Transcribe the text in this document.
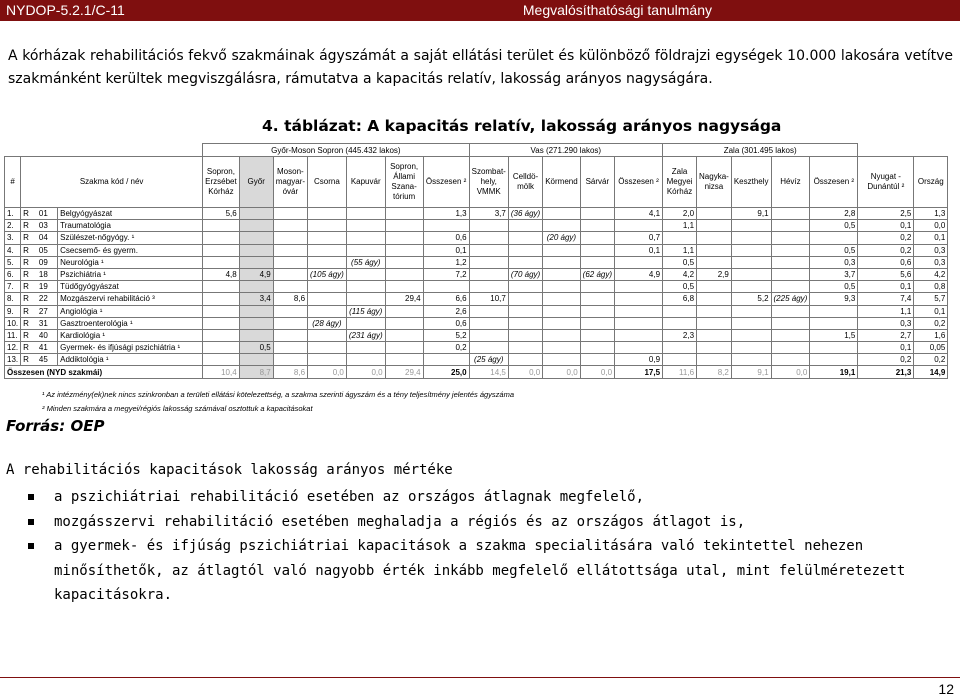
NYDOP-5.2.1/C-11	Megvalósíthatósági tanulmány

A kórházak rehabilitációs fekvő szakmáinak ágyszámát a saját ellátási terület és különböző földrajzi egységek 10.000 lakosára vetítve szakmánként kerültek megviszgálásra, rámutatva a kapacitás relatív, lakosság arányos nagyságára.

4. táblázat: A kapacitás relatív, lakosság arányos nagysága
			Győr-Moson Sopron (445.432 lakos)							Vas (271.290 lakos)					Zala (301.495 lakos)						
#	Szakma kód / név		Sopron, Erzsébet Kórház	Győr	Moson-magyar-óvár	Csorna	Kapuvár	Sopron, Állami Szana-tórium	Összesen ²	Szombat-hely, VMMK	Celldö-mölk	Körmend	Sárvár	Összesen ²	Zala Megyei Kórház	Nagyka-nizsa	Keszthely	Hévíz	Összesen ²	Nyugat - Dunántúl ²	Ország
1.	R 01	Belgyógyászat	5,6						1,3	3,7	(36 ágy)			4,1	2,0		9,1		2,8	2,5	1,3
2.	R 03	Traumatológia													1,1				0,5	0,1	0,0
3.	R 04	Szülészet-nőgyógy. ¹							0,6			(20 ágy)		0,7						0,2	0,1
4.	R 05	Csecsemő- és gyerm.							0,1					0,1	1,1				0,5	0,2	0,3
5.	R 09	Neurológia ¹					(55 ágy)		1,2						0,5				0,3	0,6	0,3
6.	R 18	Pszichiátria ¹	4,8	4,9		(105 ágy)			7,2		(70 ágy)		(62 ágy)	4,9	4,2	2,9			3,7	5,6	4,2
7.	R 19	Tüdőgyógyászat													0,5				0,5	0,1	0,8
8.	R 22	Mozgászervi rehabilitáció ³		3,4	8,6			29,4	6,6	10,7					6,8		5,2	(225 ágy)	9,3	7,4	5,7
9.	R 27	Angiológia ¹					(115 ágy)		2,6											1,1	0,1
10.	R 31	Gasztroenterológia ¹				(28 ágy)			0,6											0,3	0,2
11.	R 40	Kardiológia ¹					(231 ágy)		5,2						2,3				1,5	2,7	1,6
12.	R 41	Gyermek- és ifjúsági pszichiátria ¹		0,5					0,2											0,1	0,05
13.	R 45	Addiktológia ¹								(25 ágy)				0,9						0,2	0,2
Összesen (NYD szakmái)			10,4	8,7	8,6	0,0	0,0	29,4	25,0	14,5	0,0	0,0	0,0	17,5	11,6	8,2	9,1	0,0	19,1	21,3	14,9
¹ Az intézmény(ek)nek nincs szinkronban a területi ellátási kötelezettség, a szakma szerinti ágyszám és a tény teljesítmény jelentés ágyszáma
² Minden szakmára a megyei/régiós lakosság számával osztottuk a kapacitásokat
Forrás: OEP
A rehabilitációs kapacitások lakosság arányos mértéke
a pszichiátriai rehabilitáció esetében az országos átlagnak megfelelő,
mozgásszervi rehabilitáció esetében meghaladja a régiós és az országos átlagot is,
a gyermek- és ifjúság pszichiátriai kapacitások a szakma specialitására való tekintettel nehezen minősíthetők, az átlagtól való nagyobb érték inkább megfelelő ellátottsága utal, mint felülméretezett kapacitásokra.
12
